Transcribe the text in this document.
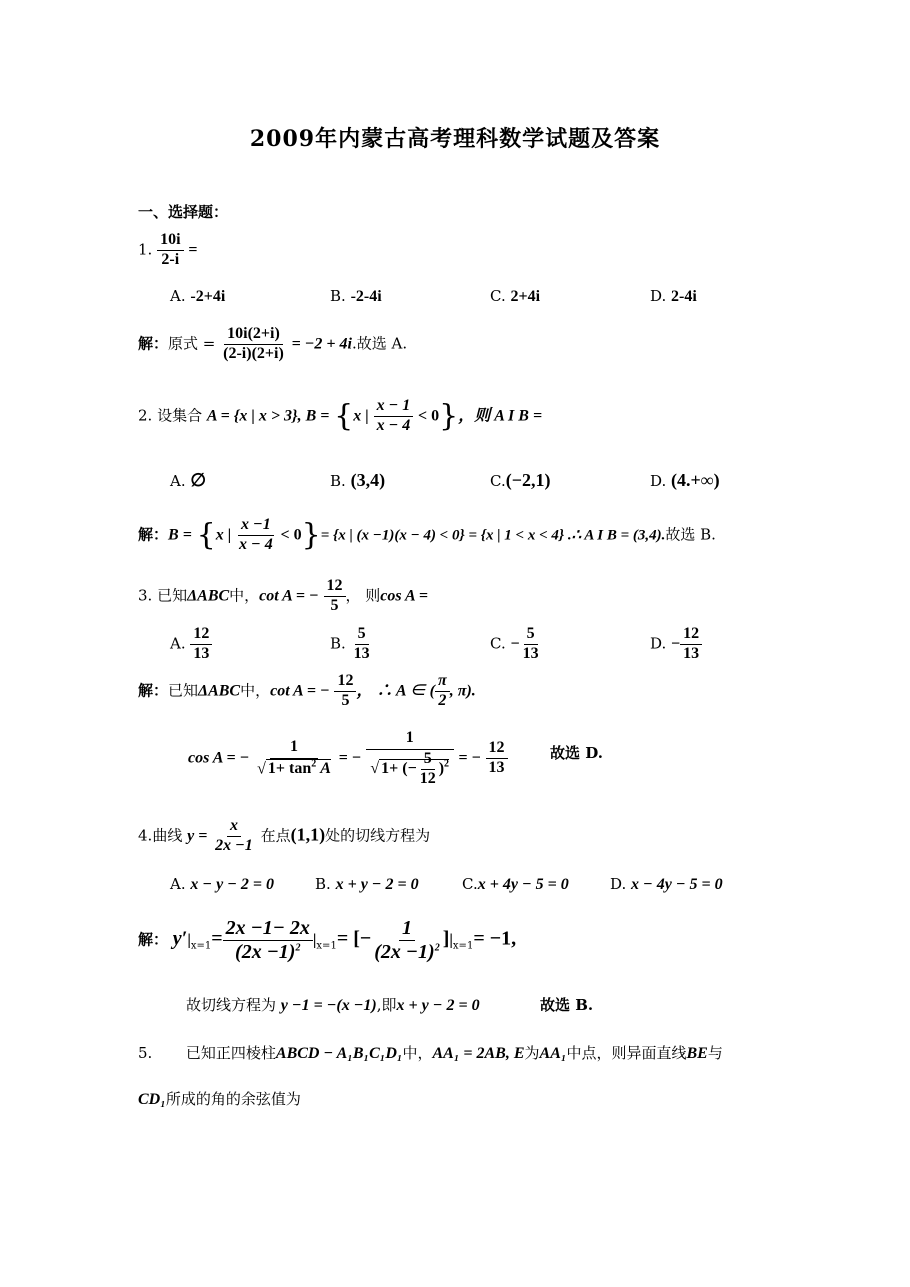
2009年内蒙古高考理科数学试题及答案
一、选择题：
1. $\frac{10i}{2-i}$ =
A. -2+4i	B. -2-4i	C. 2+4i	D. 2-4i
解：原式 = $\frac{10i(2+i)}{(2-i)(2+i)} = -2 + 4i$.故选 A.
2. 设集合 A = {x | x > 3}, B = {x | $\frac{x - 1}{x - 4} < 0$}，则 A I B =
A. ∅	B. (3,4)	C.(−2,1)	D. (4.+∞)
解：B = {x | $\frac{x -1}{x - 4} < 0\}= \{x$ | (x −1)(x − 4) < 0} = {x | 1 < x < 4} .∴ A I B = (3,4).故选 B.
3. 已知ΔABC中，cot A = − $\frac{12}{5}$ ， 则cos A =
A. $\frac{12}{13}$	B. $\frac{5}{13}$	C. − $\frac{5}{13}$	D. − $\frac{12}{13}$
解：已知ΔABC中，cot A = − $\frac{12}{5}$ ， ∴ A ∈ ( $\frac{\pi}{2}$ , π).
cos A = − $\frac{1}{√ 1+ \tan^2 A}$ = − $\frac{1}{√ 1+ (- \frac{5}{12} )^2}$ = − $\frac{12}{13}$	故选 D.
4.曲线 $y = \frac{x}{2x -1}$ 在点(1,1)处的切线方程为
A. x − y − 2 = 0	B. x + y − 2 = 0	C.x + 4y − 5 = 0	D. x − 4y − 5 = 0
解： $y'|_{x=1}= \frac{2x -1- 2x}{(2x -1)^2} |_{x=1}=$ [− $\frac{1}{(2x -1)^2} ]|_{x=1}= -1$,
故切线方程为 y −1 = −(x −1),即x + y − 2 = 0	故选 B.
5. 已知正四棱柱ABCD − A₁B₁C₁D₁中，AA₁ = 2AB, E为AA₁中点，则异面直线BE与
CD₁所成的角的余弦值为
